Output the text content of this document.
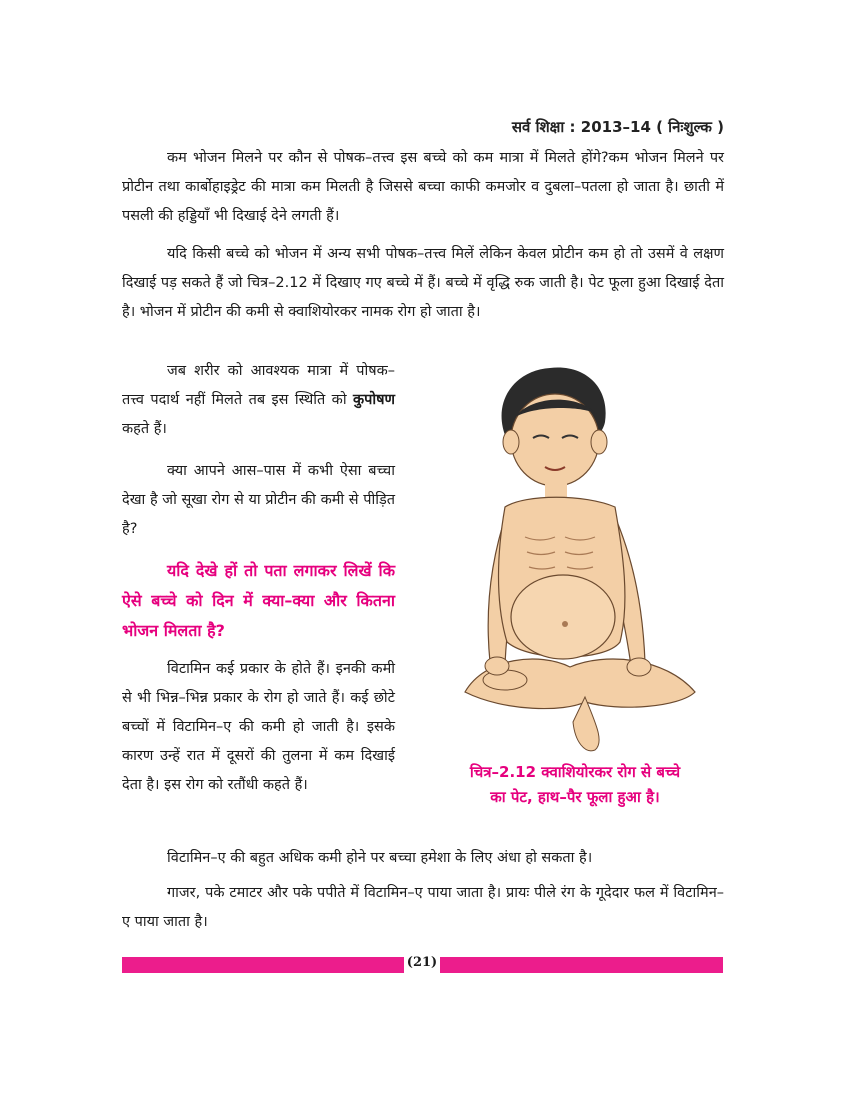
सर्व शिक्षा : 2013–14 ( निःशुल्क )

कम भोजन मिलने पर कौन से पोषक–तत्त्व इस बच्चे को कम मात्रा में मिलते होंगे?कम भोजन मिलने पर प्रोटीन तथा कार्बोहाइड्रेट की मात्रा कम मिलती है जिससे बच्चा काफी कमजोर व दुबला–पतला हो जाता है। छाती में पसली की हड्डियाँ भी दिखाई देने लगती हैं।

यदि किसी बच्चे को भोजन में अन्य सभी पोषक–तत्त्व मिलें लेकिन केवल प्रोटीन कम हो तो उसमें वे लक्षण दिखाई पड़ सकते हैं जो चित्र–2.12 में दिखाए गए बच्चे में हैं। बच्चे में वृद्धि रुक जाती है। पेट फूला हुआ दिखाई देता है। भोजन में प्रोटीन की कमी से क्वाशियोरकर नामक रोग हो जाता है।

जब शरीर को आवश्यक मात्रा में पोषक–तत्त्व पदार्थ नहीं मिलते तब इस स्थिति को कुपोषण कहते हैं।

क्या आपने आस–पास में कभी ऐसा बच्चा देखा है जो सूखा रोग से या प्रोटीन की कमी से पीड़ित है?

यदि देखे हों तो पता लगाकर लिखें कि ऐसे बच्चे को दिन में क्या–क्या और कितना भोजन मिलता है?

विटामिन कई प्रकार के होते हैं। इनकी कमी से भी भिन्न–भिन्न प्रकार के रोग हो जाते हैं। कई छोटे बच्चों में विटामिन–ए की कमी हो जाती है। इसके कारण उन्हें रात में दूसरों की तुलना में कम दिखाई देता है। इस रोग को रतौंधी कहते हैं।

विटामिन–ए की बहुत अधिक कमी होने पर बच्चा हमेशा के लिए अंधा हो सकता है।

गाजर, पके टमाटर और पके पपीते में विटामिन–ए पाया जाता है। प्रायः पीले रंग के गूदेदार फल में विटामिन–ए पाया जाता है।

चित्र–2.12 क्वाशियोरकर रोग से बच्चे
का पेट, हाथ–पैर फूला हुआ है।
(21)
